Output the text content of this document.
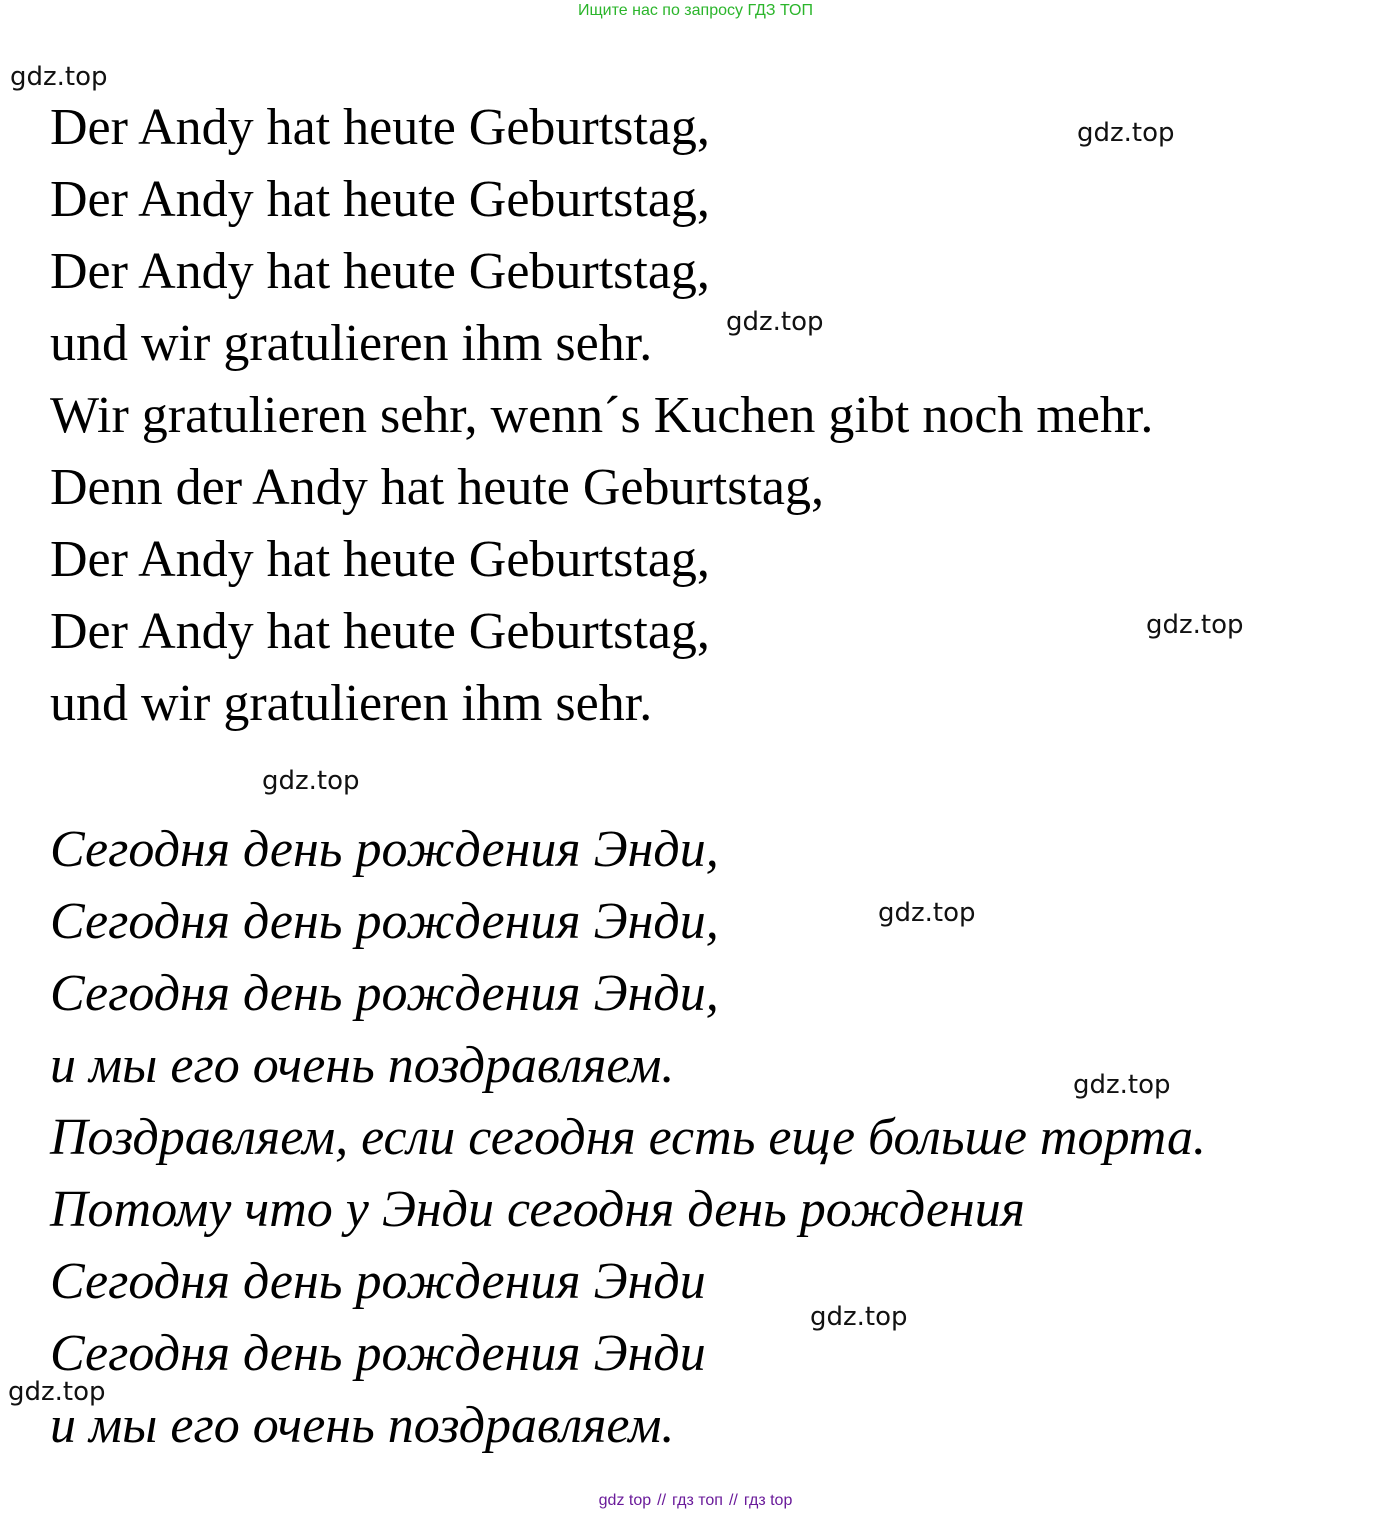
Ищите нас по запросу ГДЗ ТОП
Der Andy hat heute Geburtstag,
Der Andy hat heute Geburtstag,
Der Andy hat heute Geburtstag,
und wir gratulieren ihm sehr.
Wir gratulieren sehr, wenn´s Kuchen gibt noch mehr.
Denn der Andy hat heute Geburtstag,
Der Andy hat heute Geburtstag,
Der Andy hat heute Geburtstag,
und wir gratulieren ihm sehr.
Сегодня день рождения Энди,
Сегодня день рождения Энди,
Сегодня день рождения Энди,
и мы его очень поздравляем.
Поздравляем, если сегодня есть еще больше торта.
Потому что у Энди сегодня день рождения
Сегодня день рождения Энди
Сегодня день рождения Энди
и мы его очень поздравляем.
gdz.top
gdz.top
gdz.top
gdz.top
gdz.top
gdz.top
gdz.top
gdz.top
gdz.top
gdz top // гдз топ // гдз top
